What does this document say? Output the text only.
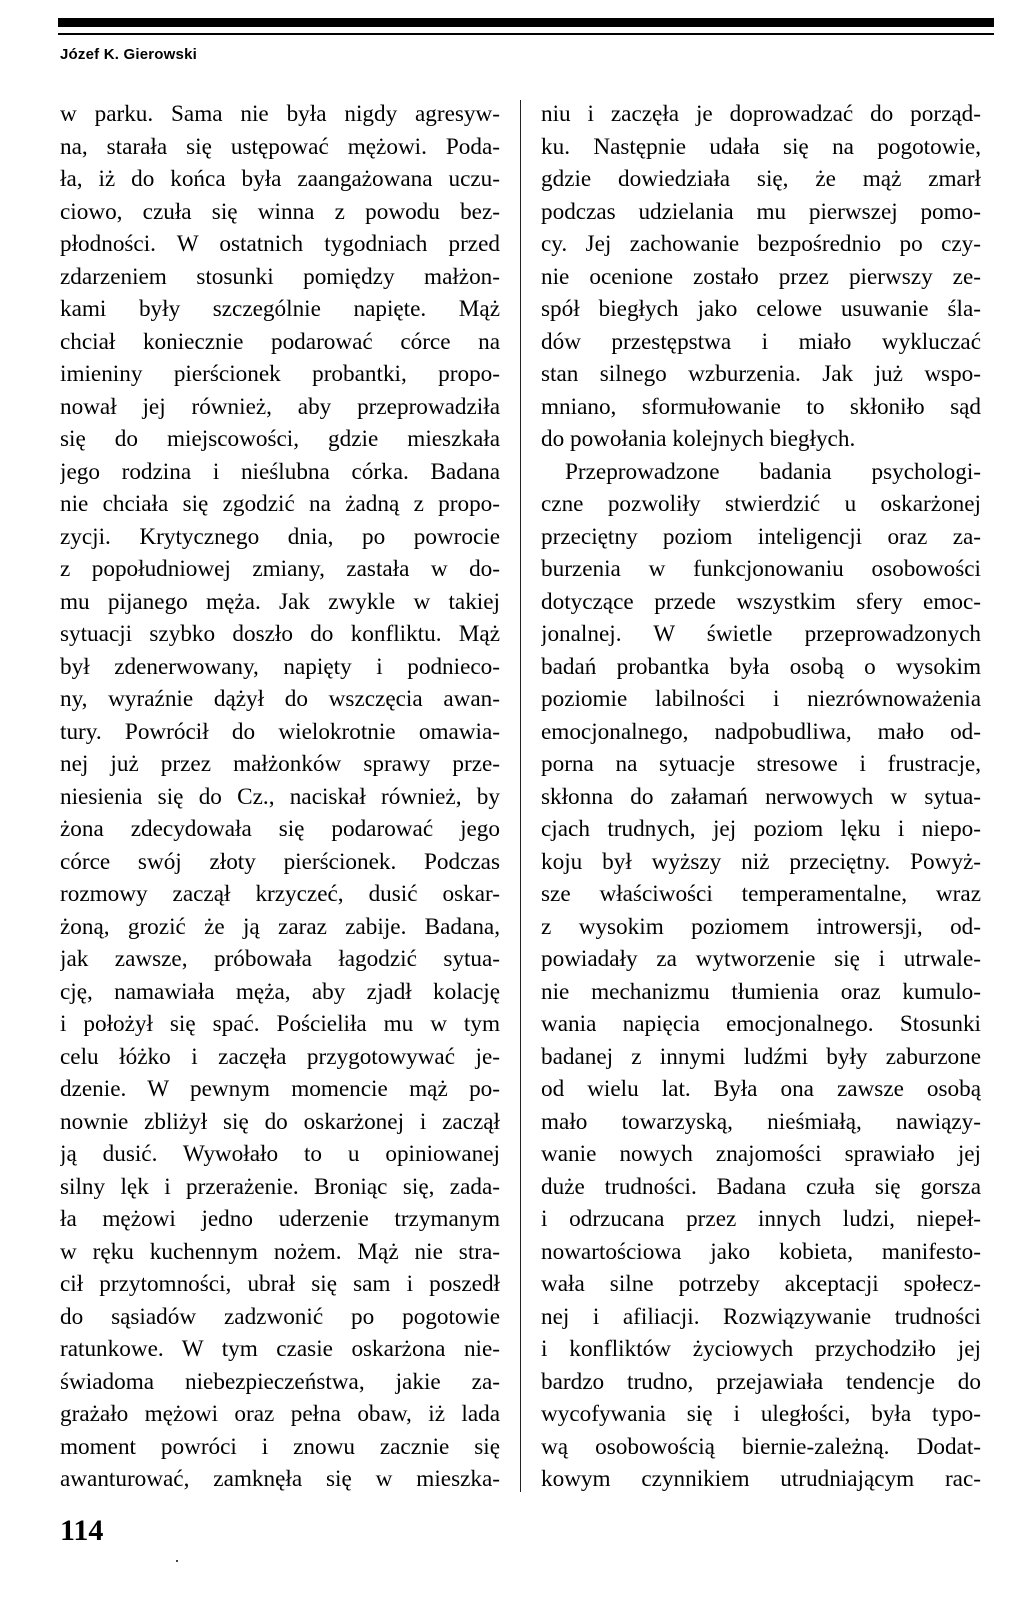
Józef K. Gierowski

w parku. Sama nie była nigdy agresyw-
na, starała się ustępować mężowi. Poda-
ła, iż do końca była zaangażowana uczu-
ciowo, czuła się winna z powodu bez-
płodności. W ostatnich tygodniach przed
zdarzeniem stosunki pomiędzy małżon-
kami były szczególnie napięte. Mąż
chciał koniecznie podarować córce na
imieniny pierścionek probantki, propo-
nował jej również, aby przeprowadziła
się do miejscowości, gdzie mieszkała
jego rodzina i nieślubna córka. Badana
nie chciała się zgodzić na żadną z propo-
zycji. Krytycznego dnia, po powrocie
z popołudniowej zmiany, zastała w do-
mu pijanego męża. Jak zwykle w takiej
sytuacji szybko doszło do konfliktu. Mąż
był zdenerwowany, napięty i podnieco-
ny, wyraźnie dążył do wszczęcia awan-
tury. Powrócił do wielokrotnie omawia-
nej już przez małżonków sprawy prze-
niesienia się do Cz., naciskał również, by
żona zdecydowała się podarować jego
córce swój złoty pierścionek. Podczas
rozmowy zaczął krzyczeć, dusić oskar-
żoną, grozić że ją zaraz zabije. Badana,
jak zawsze, próbowała łagodzić sytua-
cję, namawiała męża, aby zjadł kolację
i położył się spać. Pościeliła mu w tym
celu łóżko i zaczęła przygotowywać je-
dzenie. W pewnym momencie mąż po-
nownie zbliżył się do oskarżonej i zaczął
ją dusić. Wywołało to u opiniowanej
silny lęk i przerażenie. Broniąc się, zada-
ła mężowi jedno uderzenie trzymanym
w ręku kuchennym nożem. Mąż nie stra-
cił przytomności, ubrał się sam i poszedł
do sąsiadów zadzwonić po pogotowie
ratunkowe. W tym czasie oskarżona nie-
świadoma niebezpieczeństwa, jakie za-
grażało mężowi oraz pełna obaw, iż lada
moment powróci i znowu zacznie się
awanturować, zamknęła się w mieszka-

niu i zaczęła je doprowadzać do porząd-
ku. Następnie udała się na pogotowie,
gdzie dowiedziała się, że mąż zmarł
podczas udzielania mu pierwszej pomo-
cy. Jej zachowanie bezpośrednio po czy-
nie ocenione zostało przez pierwszy ze-
spół biegłych jako celowe usuwanie śla-
dów przestępstwa i miało wykluczać
stan silnego wzburzenia. Jak już wspo-
mniano, sformułowanie to skłoniło sąd
do powołania kolejnych biegłych.

Przeprowadzone badania psychologi-
czne pozwoliły stwierdzić u oskarżonej
przeciętny poziom inteligencji oraz za-
burzenia w funkcjonowaniu osobowości
dotyczące przede wszystkim sfery emoc-
jonalnej. W świetle przeprowadzonych
badań probantka była osobą o wysokim
poziomie labilności i niezrównoważenia
emocjonalnego, nadpobudliwa, mało od-
porna na sytuacje stresowe i frustracje,
skłonna do załamań nerwowych w sytua-
cjach trudnych, jej poziom lęku i niepo-
koju był wyższy niż przeciętny. Powyż-
sze właściwości temperamentalne, wraz
z wysokim poziomem introwersji, od-
powiadały za wytworzenie się i utrwale-
nie mechanizmu tłumienia oraz kumulo-
wania napięcia emocjonalnego. Stosunki
badanej z innymi ludźmi były zaburzone
od wielu lat. Była ona zawsze osobą
mało towarzyską, nieśmiałą, nawiązy-
wanie nowych znajomości sprawiało jej
duże trudności. Badana czuła się gorsza
i odrzucana przez innych ludzi, niepeł-
nowartościowa jako kobieta, manifesto-
wała silne potrzeby akceptacji społecz-
nej i afiliacji. Rozwiązywanie trudności
i konfliktów życiowych przychodziło jej
bardzo trudno, przejawiała tendencje do
wycofywania się i uległości, była typo-
wą osobowością biernie-zależną. Dodat-
kowym czynnikiem utrudniającym rac-

114
